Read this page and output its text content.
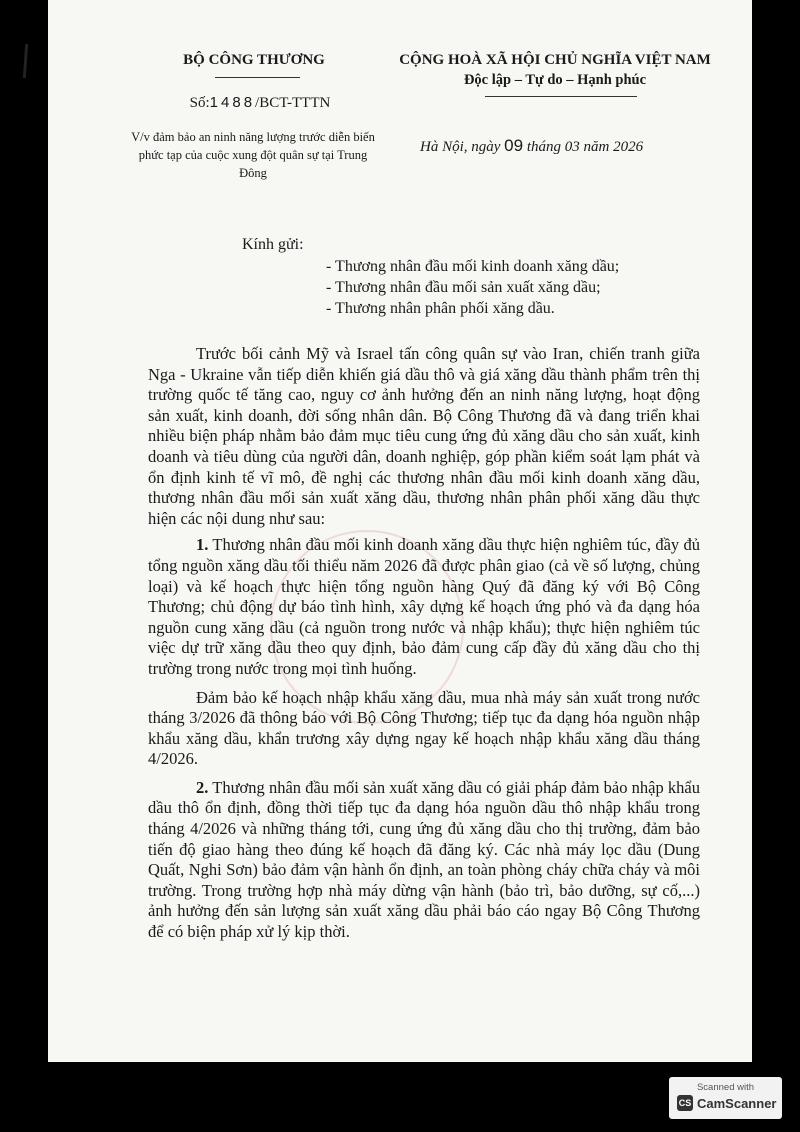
BỘ CÔNG THƯƠNG	CỘNG HOÀ XÃ HỘI CHỦ NGHĨA VIỆT NAM
Độc lập – Tự do – Hạnh phúc
Số:1488/BCT-TTTN
V/v đảm bảo an ninh năng lượng trước diễn biến phức tạp của cuộc xung đột quân sự tại Trung Đông
Hà Nội, ngày 09 tháng 03 năm 2026
Kính gửi:
- Thương nhân đầu mối kinh doanh xăng dầu;
- Thương nhân đầu mối sản xuất xăng dầu;
- Thương nhân phân phối xăng dầu.

Trước bối cảnh Mỹ và Israel tấn công quân sự vào Iran, chiến tranh giữa Nga - Ukraine vẫn tiếp diễn khiến giá dầu thô và giá xăng dầu thành phẩm trên thị trường quốc tế tăng cao, nguy cơ ảnh hưởng đến an ninh năng lượng, hoạt động sản xuất, kinh doanh, đời sống nhân dân. Bộ Công Thương đã và đang triển khai nhiều biện pháp nhằm bảo đảm mục tiêu cung ứng đủ xăng dầu cho sản xuất, kinh doanh và tiêu dùng của người dân, doanh nghiệp, góp phần kiểm soát lạm phát và ổn định kinh tế vĩ mô, đề nghị các thương nhân đầu mối kinh doanh xăng dầu, thương nhân đầu mối sản xuất xăng dầu, thương nhân phân phối xăng dầu thực hiện các nội dung như sau:

1. Thương nhân đầu mối kinh doanh xăng dầu thực hiện nghiêm túc, đầy đủ tổng nguồn xăng dầu tối thiểu năm 2026 đã được phân giao (cả về số lượng, chủng loại) và kế hoạch thực hiện tổng nguồn hàng Quý đã đăng ký với Bộ Công Thương; chủ động dự báo tình hình, xây dựng kế hoạch ứng phó và đa dạng hóa nguồn cung xăng dầu (cả nguồn trong nước và nhập khẩu); thực hiện nghiêm túc việc dự trữ xăng dầu theo quy định, bảo đảm cung cấp đầy đủ xăng dầu cho thị trường trong nước trong mọi tình huống.

Đảm bảo kế hoạch nhập khẩu xăng dầu, mua nhà máy sản xuất trong nước tháng 3/2026 đã thông báo với Bộ Công Thương; tiếp tục đa dạng hóa nguồn nhập khẩu xăng dầu, khẩn trương xây dựng ngay kế hoạch nhập khẩu xăng dầu tháng 4/2026.

2. Thương nhân đầu mối sản xuất xăng dầu có giải pháp đảm bảo nhập khẩu dầu thô ổn định, đồng thời tiếp tục đa dạng hóa nguồn dầu thô nhập khẩu trong tháng 4/2026 và những tháng tới, cung ứng đủ xăng dầu cho thị trường, đảm bảo tiến độ giao hàng theo đúng kế hoạch đã đăng ký. Các nhà máy lọc dầu (Dung Quất, Nghi Sơn) bảo đảm vận hành ổn định, an toàn phòng cháy chữa cháy và môi trường. Trong trường hợp nhà máy dừng vận hành (bảo trì, bảo dưỡng, sự cố,...) ảnh hưởng đến sản lượng sản xuất xăng dầu phải báo cáo ngay Bộ Công Thương để có biện pháp xử lý kịp thời.

Scanned with
CS CamScanner
